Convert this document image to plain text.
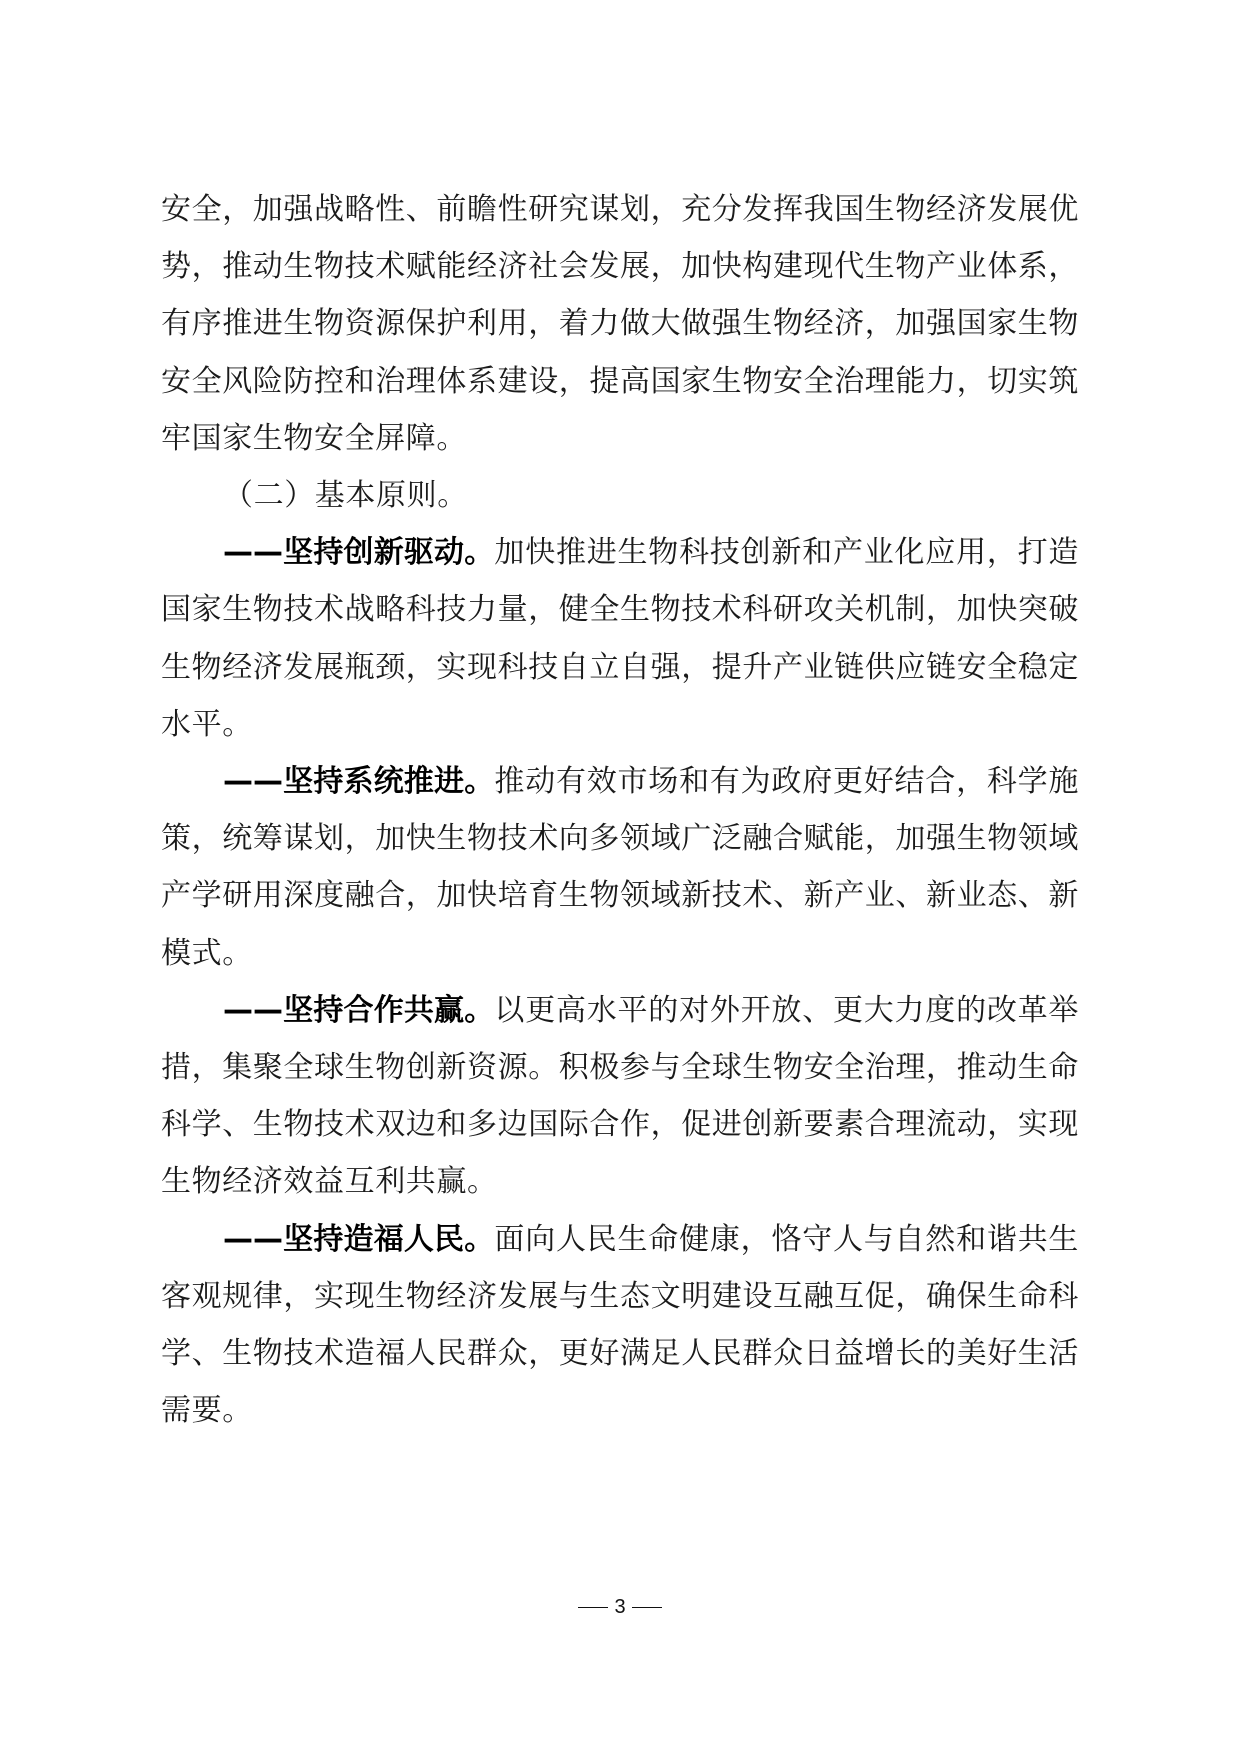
安全，加强战略性、前瞻性研究谋划，充分发挥我国生物经济发展优势，推动生物技术赋能经济社会发展，加快构建现代生物产业体系，有序推进生物资源保护利用，着力做大做强生物经济，加强国家生物安全风险防控和治理体系建设，提高国家生物安全治理能力，切实筑牢国家生物安全屏障。

（二）基本原则。

——坚持创新驱动。加快推进生物科技创新和产业化应用，打造国家生物技术战略科技力量，健全生物技术科研攻关机制，加快突破生物经济发展瓶颈，实现科技自立自强，提升产业链供应链安全稳定水平。

——坚持系统推进。推动有效市场和有为政府更好结合，科学施策，统筹谋划，加快生物技术向多领域广泛融合赋能，加强生物领域产学研用深度融合，加快培育生物领域新技术、新产业、新业态、新模式。

——坚持合作共赢。以更高水平的对外开放、更大力度的改革举措，集聚全球生物创新资源。积极参与全球生物安全治理，推动生命科学、生物技术双边和多边国际合作，促进创新要素合理流动，实现生物经济效益互利共赢。

——坚持造福人民。面向人民生命健康，恪守人与自然和谐共生客观规律，实现生物经济发展与生态文明建设互融互促，确保生命科学、生物技术造福人民群众，更好满足人民群众日益增长的美好生活需要。

3
